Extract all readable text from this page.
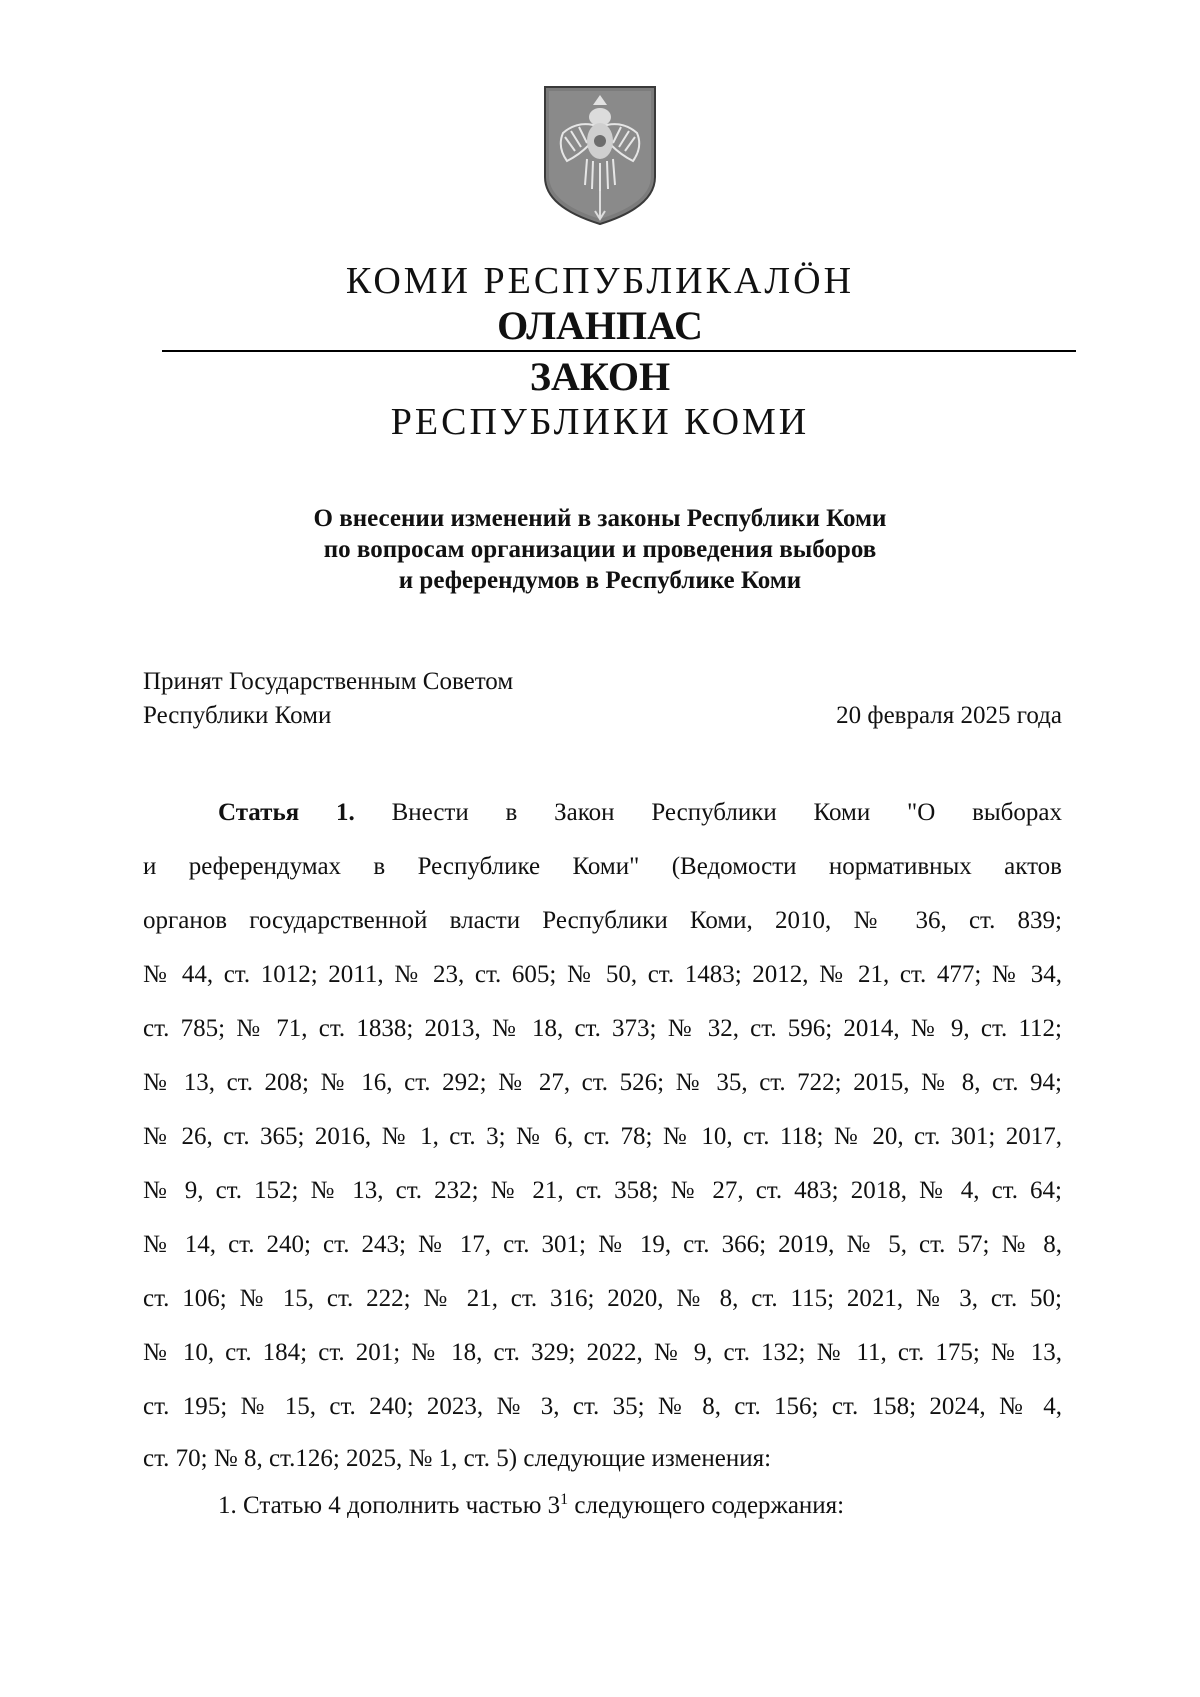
КОМИ РЕСПУБЛИКАЛӦН
ОЛАНПАС
ЗАКОН
РЕСПУБЛИКИ КОМИ
О внесении изменений в законы Республики Коми
по вопросам организации и проведения выборов
и референдумов в Республике Коми
Принят Государственным Советом
Республики Коми	20 февраля 2025 года
Статья 1. Внести в Закон Республики Коми "О выборах
и референдумах в Республике Коми" (Ведомости нормативных актов
органов государственной власти Республики Коми, 2010, № 36, ст. 839;
№ 44, ст. 1012; 2011, № 23, ст. 605; № 50, ст. 1483; 2012, № 21, ст. 477; № 34,
ст. 785; № 71, ст. 1838; 2013, № 18, ст. 373; № 32, ст. 596; 2014, № 9, ст. 112;
№ 13, ст. 208; № 16, ст. 292; № 27, ст. 526; № 35, ст. 722; 2015, № 8, ст. 94;
№ 26, ст. 365; 2016, № 1, ст. 3; № 6, ст. 78; № 10, ст. 118; № 20, ст. 301; 2017,
№ 9, ст. 152; № 13, ст. 232; № 21, ст. 358; № 27, ст. 483; 2018, № 4, ст. 64;
№ 14, ст. 240; ст. 243; № 17, ст. 301; № 19, ст. 366; 2019, № 5, ст. 57; № 8,
ст. 106; № 15, ст. 222; № 21, ст. 316; 2020, № 8, ст. 115; 2021, № 3, ст. 50;
№ 10, ст. 184; ст. 201; № 18, ст. 329; 2022, № 9, ст. 132; № 11, ст. 175; № 13,
ст. 195; № 15, ст. 240; 2023, № 3, ст. 35; № 8, ст. 156; ст. 158; 2024, № 4,
ст. 70; № 8, ст.126; 2025, № 1, ст. 5) следующие изменения:
1. Статью 4 дополнить частью $3^1$ следующего содержания:
